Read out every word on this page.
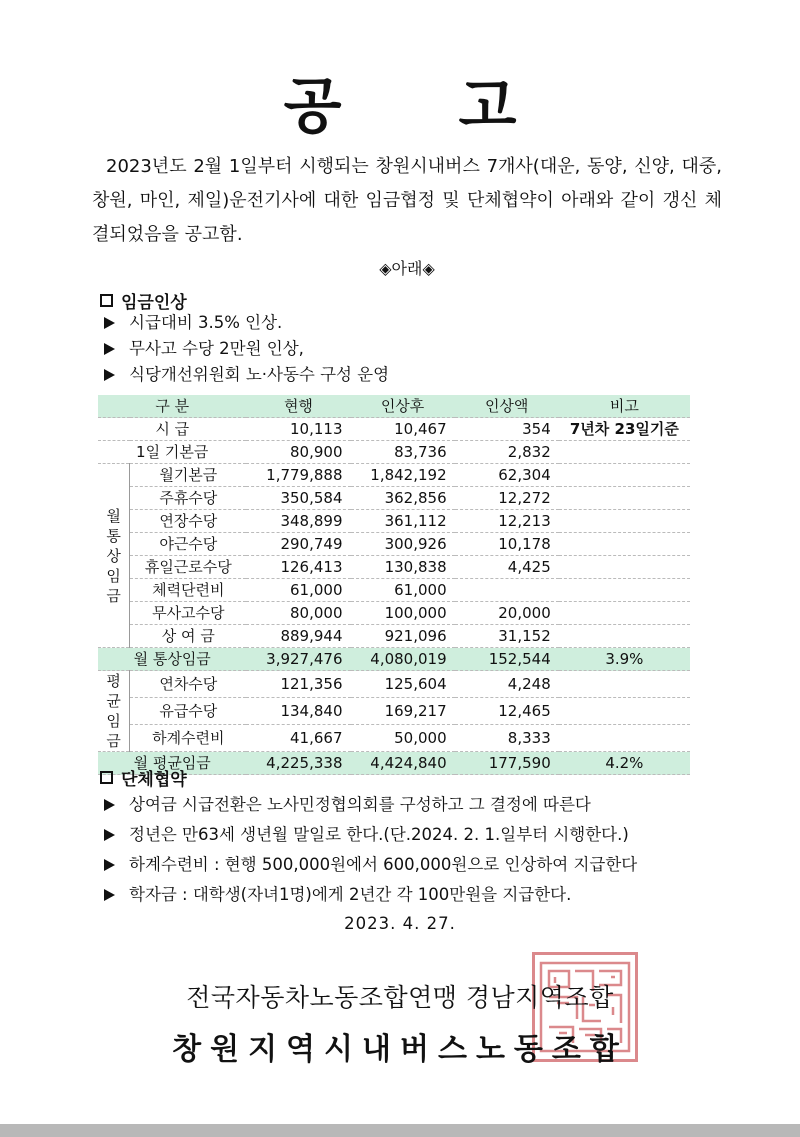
공 고

2023년도 2월 1일부터 시행되는 창원시내버스 7개사(대운, 동양, 신양, 대중, 창원, 마인, 제일)운전기사에 대한 임금협정 및 단체협약이 아래와 같이 갱신 체결되었음을 공고함.

◈아래◈
임금인상
시급대비 3.5% 인상.
무사고 수당 2만원 인상,
식당개선위원회 노·사동수 구성 운영
구 분		현행	인상후	인상액	비고
시 급		10,113	10,467	354	7년차 23일기준
1일 기본금		80,900	83,736	2,832	
월
통
상
임
금	월기본금	1,779,888	1,842,192	62,304	
	주휴수당	350,584	362,856	12,272	
	연장수당	348,899	361,112	12,213	
	야근수당	290,749	300,926	10,178	
	휴일근로수당	126,413	130,838	4,425	
	체력단련비	61,000	61,000		
	무사고수당	80,000	100,000	20,000	
	상 여 금	889,944	921,096	31,152	
월 통상임금		3,927,476	4,080,019	152,544	3.9%
평
균
임
금	연차수당	121,356	125,604	4,248	
	유급수당	134,840	169,217	12,465	
	하계수련비	41,667	50,000	8,333	
월 평균임금		4,225,338	4,424,840	177,590	4.2%
단체협약
상여금 시급전환은 노사민정협의회를 구성하고 그 결정에 따른다
정년은 만63세 생년월 말일로 한다.(단.2024. 2. 1.일부터 시행한다.)
하계수련비 : 현행 500,000원에서 600,000원으로 인상하여 지급한다
학자금 : 대학생(자녀1명)에게 2년간 각 100만원을 지급한다.
2023. 4. 27.
전국자동차노동조합연맹 경남지역조합
창원지역시내버스노동조합
